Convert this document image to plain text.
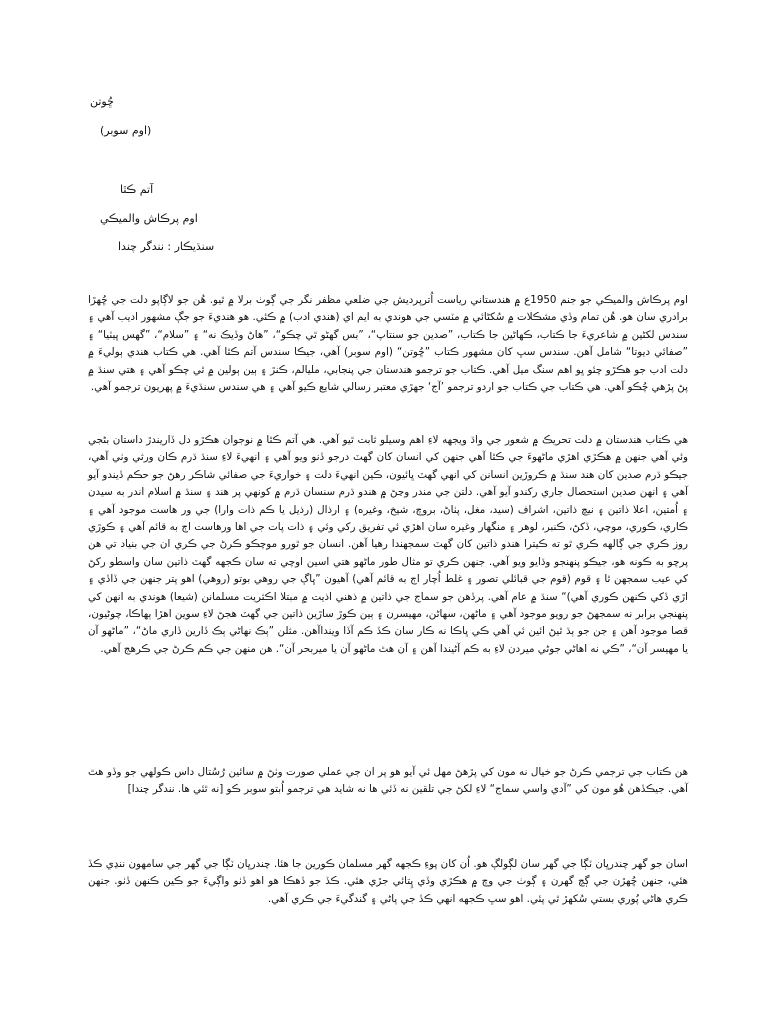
ڇُوتن
(اوم سوبر)
آتم ڪٿا
اوم پرڪاش والميڪي
سنڌيڪار : نندگر چندا

اوم پرڪاش والميڪي جو جنم 1950ع ۾ هندستاني رياست اُترپرديش جي ضلعي مظفر نگر جي ڳوٺ برلا ۾ ٿيو. هُن جو لاڳاپو دلت جي ڇُهڙا برادري سان هو. هُن تمام وڏي مشڪلات ۾ سُکڻائي ۾ مٽسي جي هوندي به ايم اي (هندي ادب) ۾ ڪئي. هو هنديءَ جو جڳ مشهور اديب آهي ۽ سندس لکڻين ۾ شاعريءَ جا ڪتاب، ڪهاڻين جا ڪتاب، ”صدين جو سنتاپ“، ”بس گهڻو ٿي چڪو“، ”هاڻ وڏيڪ نه“ ۽ ”سلام“، ”گهس ڀيٽيا“ ۽ ”صفائي ديوتا“ شامل آهن. سندس سڀ کان مشهور ڪتاب ”ڇُوتن“ (اوم سوبر) آهي، جيڪا سندس آتم ڪٿا آهي. هي ڪتاب هندي ٻوليءَ ۾ دلت ادب جو هڪڙو چئو ڀو اهم سنگ ميل آهي. ڪتاب جو ترجمو هندستان جي پنجابي، مليالم، ڪنڙ ۽ ٻين ٻولين ۾ ٿي چڪو آهي ۽ هتي سنڌ ۾ پڻ پڙهي چُڪو آهي. هي ڪتاب جي ڪتاب جو اردو ترجمو ’آج‘ جهڙي معتبر رسالي شايع ڪيو آهي ۽ هي سندس سنڌيءَ ۾ پهريون ترجمو آهي.

هي ڪتاب هندستان ۾ دلت تحريڪ ۾ شعور جي واڌ ويجهه لاءِ اهم وسيلو ثابت ٿيو آهي. هي آتم ڪٿا ۾ نوجوان هڪڙو دل ڏاريندڙ داستان بڻجي وئي آهي جنهن ۾ هڪڙي اهڙي ماڻهوءَ جي ڪٿا آهي جنهن کي انسان کان گهٽ درجو ڏنو ويو آهي ۽ انهيءَ لاءِ سنڌ ڌرم ڪان ورثي وٺي آهي، جيڪو ڌرم صدين کان هند سنڌ ۾ ڪروڙين انسانن کي انهي گهٽ ڀائيون، ڪين انهيءَ دلت ۽ خواريءَ جي صفائي شاڪر رهڻ جو حڪم ڏيندو آيو آهي ۽ انهن صدين استحصال جاري رکندو آيو آهي. دلتن جي مندر وڃڻ ۾ هندو ڌرم سنسان ڌرم ۾ کونهي پر هند ۽ سنڌ ۾ اسلام اندر به سيدن ۽ اُمتين، اعلا ذاتين ۽ نيچ ذاتين، اشراف (سيد، مغل، پٺاڻ، بروچ، شيخ، وغيره) ۽ ارذال (رذيل يا ڪم ذات وارا) جي ور هاست موجود آهي ۽ ڪاري، ڪوري، موچي، ڏکڻ، ڪنبر، لوهر ۽ منگهار وغيره سان اهڙي ئي تفريق رکي وئي ۽ ذات پات جي اها ورهاست اڄ به قائم آهي ۽ ڪوڙي روز ڪري جي ڳالهه ڪري ٿو ته ڪيترا هندو ذاتين کان گهٽ سمجهندا رهيا آهن. انسان جو ٿورو موچڪو ڪرڻ جي ڪري ان جي بنياد تي هن پرچو به ڪونه هو، جيڪو پنهنجو وڌايو ويو آهي. جنهن ڪري تو مثال طور ماڻهو هتي اسين اوچي ته سان ڪجهه گهٽ ذاتين سان واسطو رکڻ کي عيب سمجهن ٿا ۽ قوم (قوم جي قبائلي تصور ۽ غلط اُچار اڄ به قائم آهي) آهيون ”ڀاڳ جي روهي بوتو (روهي) اهو پتر جنهن جي ڏاڏي ۽ اڙي ڏکي ڪنهن ڪوري آهي)“ سنڌ ۾ عام آهي. پرڏهن جو سماج جي ذاتين ۾ ذهني اذيت ۾ مبتلا اڪثريت مسلمانن (شيعا) هوندي به انهن کي پنهنجي برابر نه سمجهڻ جو رويو موجود آهي ۽ ماڻهن، سهاڻن، مهيسرن ۽ ٻين ڪوڙ ساڙين ذاتين جي گهٽ هجڻ لاءِ سوين اهڙا ٻهاڪا، چوڻيون، قصا موجود آهن ۽ جن جو ٻڌ ٿيڻ ائين ئي آهي ڪي ڀاڪا نه ڪار سان ڪڏ ڪم آڏا وينداآهن. مثلن ”ٻڪ نهاڻي ٻڪ ڏارين ڏاري ماڻ“، ”ماڻهو آن يا مهيسر آن“، ”ڪي نه اهاڻي جوڻي ميردن لاءِ به ڪم آڻيندا آهن ۽ آن هٿ ماڻهو آن يا ميربحر آن“. هن منهن جي ڪم ڪرڻ جي ڪرهج آهي.

هن ڪتاب جي ترجمي ڪرڻ جو خيال نه مون کي پڙهڻ مهل ئي آيو هو پر ان جي عملي صورت وٺڻ ۾ سائين رُسُتال داس ڪولهي جو وڏو هٿ آهي. جيڪڏهن هُو مون کي ”آدي واسي سماج“ لاءِ لکڻ جي تلقين نه ڏئي ها نه شايد هي ترجمو اُبتو سوبر ڪو [نه ٿئي ها. نندگر چندا]

اسان جو گهر چندرڀان ٽڳا جي گهر سان لڳولڳ هو. اُن کان پوءِ ڪجهه گهر مسلمان ڪورين جا هئا. چندرڀان ٽڳا جي گهر جي سامهون ننڍي ڪڏ هئي، جنهن ڇُهڙن جي ڳچ گهرن ۽ ڳوٺ جي وچ ۾ هڪڙي وڏي ڀِتائي جڙي هئي. ڪڏ جو ڏهڪا هو اهو ڏٺو واڳيءَ جو ڪين ڪنهن ڏٺو. جنهن ڪري هاڻي پُوري بستي سُکهڙ ٿي پئي. اهو سڀ ڪجهه انهي ڪڏ جي پاڻي ۽ گندگيءَ جي ڪري آهي.
